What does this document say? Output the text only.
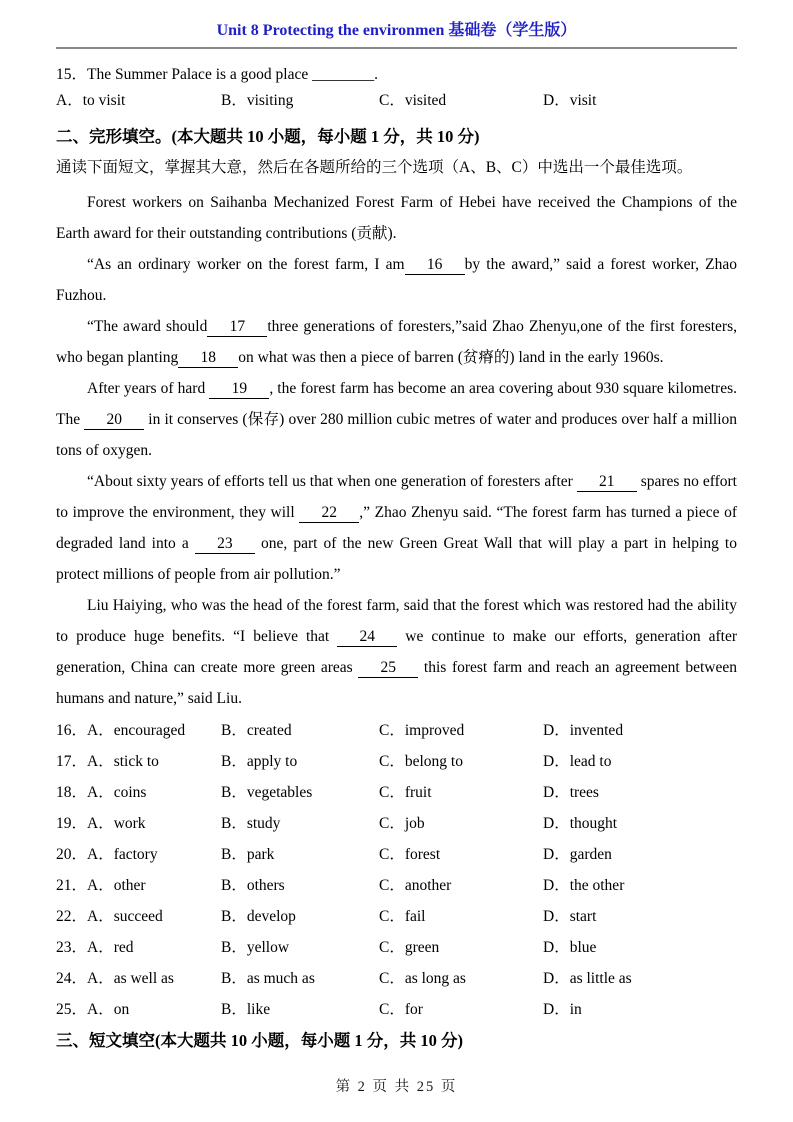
Unit 8 Protecting the environmen 基础卷（学生版）
15．The Summer Palace is a good place ________.
A．to visit	B．visiting	C．visited	D．visit
二、完形填空。(本大题共 10 小题，每小题 1 分，共 10 分)
通读下面短文，掌握其大意，然后在各题所给的三个选项（A、B、C）中选出一个最佳选项。

Forest workers on Saihanba Mechanized Forest Farm of Hebei have received the Champions of the Earth award for their outstanding contributions (贡献).

“As an ordinary worker on the forest farm, I am 16 by the award,” said a forest worker, Zhao Fuzhou.

“The award should 17 three generations of foresters,”said Zhao Zhenyu,one of the first foresters, who began planting 18 on what was then a piece of barren (贫瘠的) land in the early 1960s.

After years of hard 19 , the forest farm has become an area covering about 930 square kilometres. The 20 in it conserves (保存) over 280 million cubic metres of water and produces over half a million tons of oxygen.

“About sixty years of efforts tell us that when one generation of foresters after 21 spares no effort to improve the environment, they will 22 ,” Zhao Zhenyu said. “The forest farm has turned a piece of degraded land into a 23 one, part of the new Green Great Wall that will play a part in helping to protect millions of people from air pollution.”

Liu Haiying, who was the head of the forest farm, said that the forest which was restored had the ability to produce huge benefits. “I believe that 24 we continue to make our efforts, generation after generation, China can create more green areas 25 this forest farm and reach an agreement between humans and nature,” said Liu.

16．A．encouraged	B．created	C．improved	D．invented
17．A．stick to	B．apply to	C．belong to	D．lead to
18．A．coins	B．vegetables	C．fruit	D．trees
19．A．work	B．study	C．job	D．thought
20．A．factory	B．park	C．forest	D．garden
21．A．other	B．others	C．another	D．the other
22．A．succeed	B．develop	C．fail	D．start
23．A．red	B．yellow	C．green	D．blue
24．A．as well as	B．as much as	C．as long as	D．as little as
25．A．on	B．like	C．for	D．in
三、短文填空(本大题共 10 小题，每小题 1 分，共 10 分)
第 2 页 共 25 页
